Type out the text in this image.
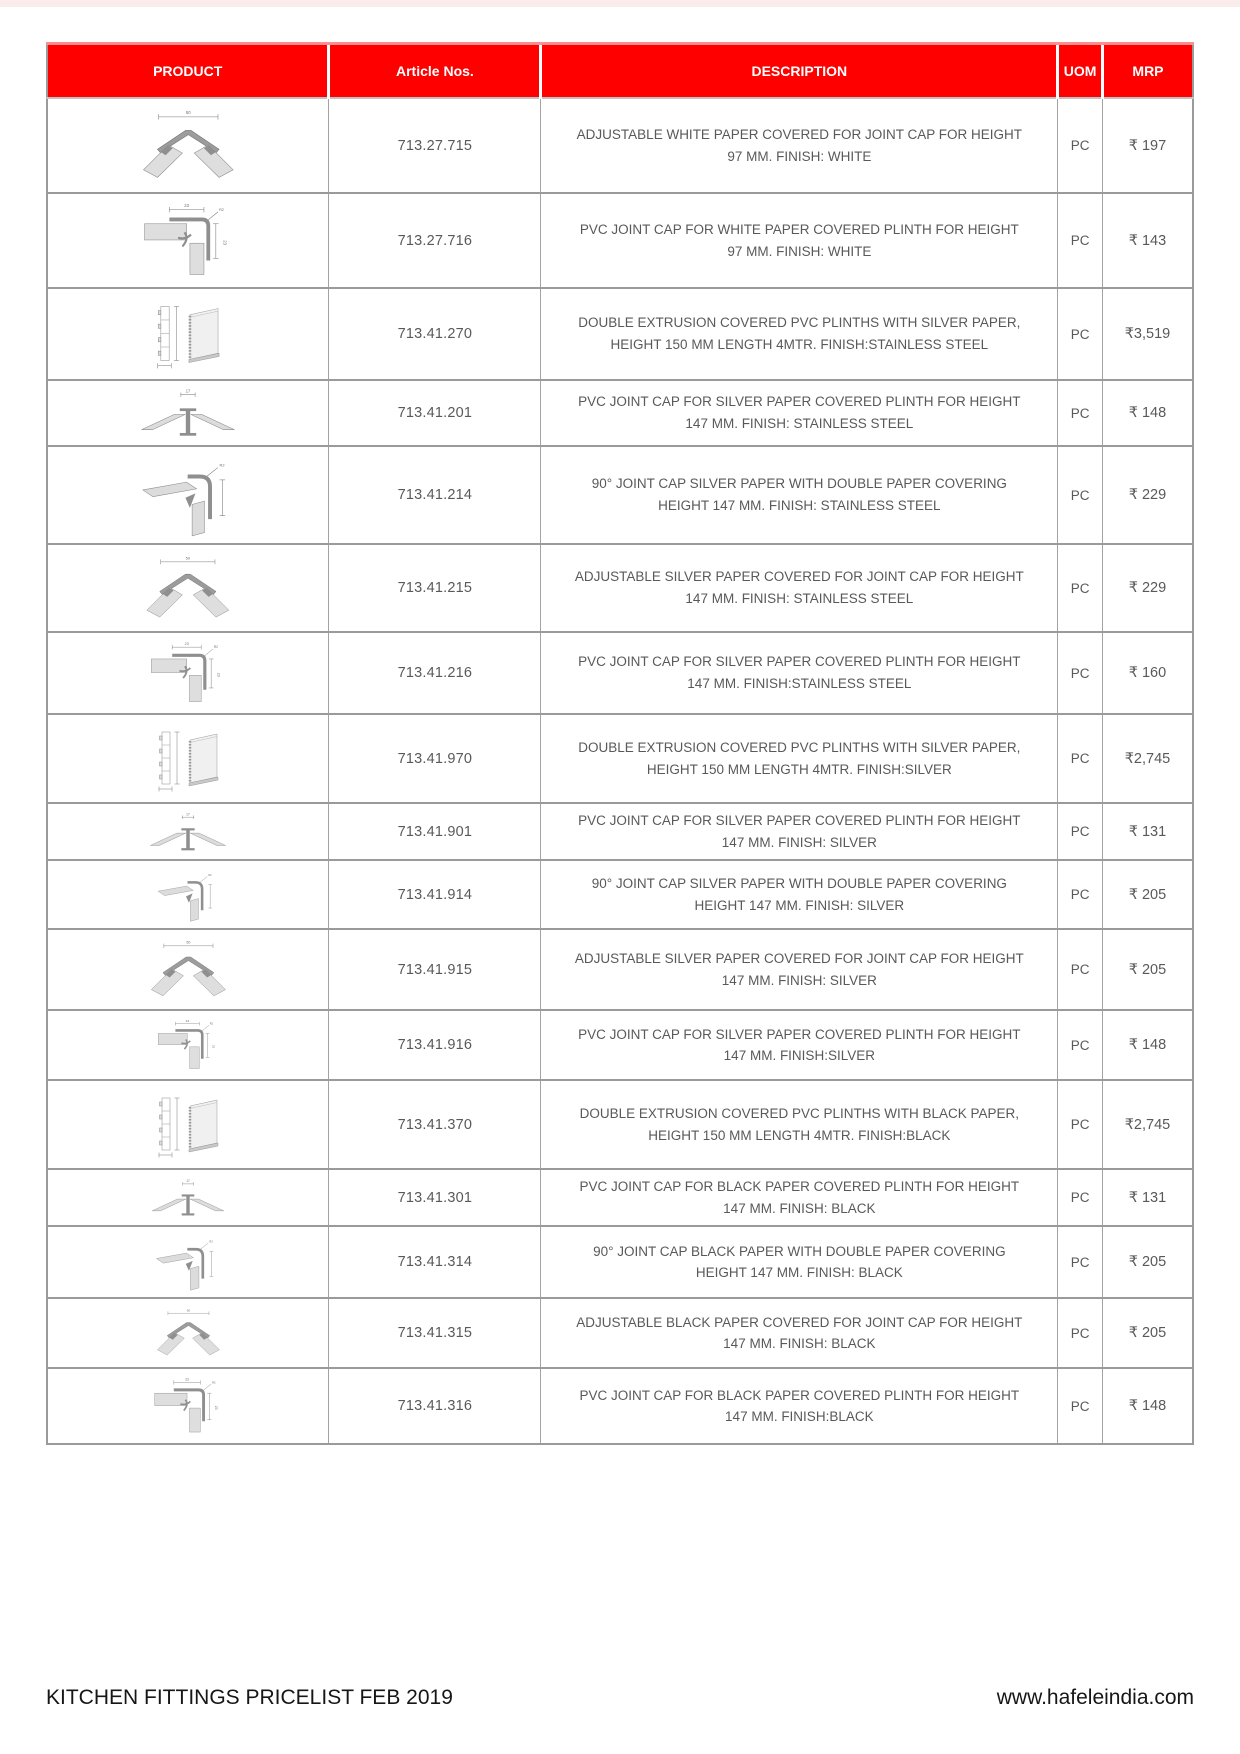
PRODUCT	Article Nos.	DESCRIPTION	UOM	MRP

50	713.27.715	ADJUSTABLE WHITE PAPER COVERED FOR JOINT CAP FOR HEIGHT 97 MM. FINISH: WHITE	PC	₹ 197

23
R2
23	713.27.716	PVC JOINT CAP FOR WHITE PAPER COVERED PLINTH FOR HEIGHT 97 MM. FINISH: WHITE	PC	₹ 143

	713.41.270	DOUBLE EXTRUSION COVERED PVC PLINTHS WITH SILVER PAPER, HEIGHT 150 MM LENGTH 4MTR. FINISH:STAINLESS STEEL	PC	₹3,519

17	713.41.201	PVC JOINT CAP FOR SILVER PAPER COVERED PLINTH FOR HEIGHT 147 MM. FINISH: STAINLESS STEEL	PC	₹ 148

R2	713.41.214	90° JOINT CAP SILVER PAPER WITH DOUBLE PAPER COVERING HEIGHT 147 MM. FINISH: STAINLESS STEEL	PC	₹ 229

50	713.41.215	ADJUSTABLE SILVER PAPER COVERED FOR JOINT CAP FOR HEIGHT 147 MM. FINISH: STAINLESS STEEL	PC	₹ 229

23
R2
23	713.41.216	PVC JOINT CAP FOR SILVER PAPER COVERED PLINTH FOR HEIGHT 147 MM. FINISH:STAINLESS STEEL	PC	₹ 160

	713.41.970	DOUBLE EXTRUSION COVERED PVC PLINTHS WITH SILVER PAPER, HEIGHT 150 MM LENGTH 4MTR. FINISH:SILVER	PC	₹2,745

17	713.41.901	PVC JOINT CAP FOR SILVER PAPER COVERED PLINTH FOR HEIGHT 147 MM. FINISH: SILVER	PC	₹ 131

R2	713.41.914	90° JOINT CAP SILVER PAPER WITH DOUBLE PAPER COVERING HEIGHT 147 MM. FINISH: SILVER	PC	₹ 205

50	713.41.915	ADJUSTABLE SILVER PAPER COVERED FOR JOINT CAP FOR HEIGHT 147 MM. FINISH: SILVER	PC	₹ 205

23
R2
23	713.41.916	PVC JOINT CAP FOR SILVER PAPER COVERED PLINTH FOR HEIGHT 147 MM. FINISH:SILVER	PC	₹ 148

	713.41.370	DOUBLE EXTRUSION COVERED PVC PLINTHS WITH BLACK PAPER, HEIGHT 150 MM LENGTH 4MTR. FINISH:BLACK	PC	₹2,745

17	713.41.301	PVC JOINT CAP FOR BLACK PAPER COVERED PLINTH FOR HEIGHT 147 MM. FINISH: BLACK	PC	₹ 131

R2	713.41.314	90° JOINT CAP BLACK PAPER WITH DOUBLE PAPER COVERING HEIGHT 147 MM. FINISH: BLACK	PC	₹ 205

50	713.41.315	ADJUSTABLE BLACK PAPER COVERED FOR JOINT CAP FOR HEIGHT 147 MM. FINISH: BLACK	PC	₹ 205

23
R2
23	713.41.316	PVC JOINT CAP FOR BLACK PAPER COVERED PLINTH FOR HEIGHT 147 MM. FINISH:BLACK	PC	₹ 148
KITCHEN FITTINGS PRICELIST FEB 2019	www.hafeleindia.com
